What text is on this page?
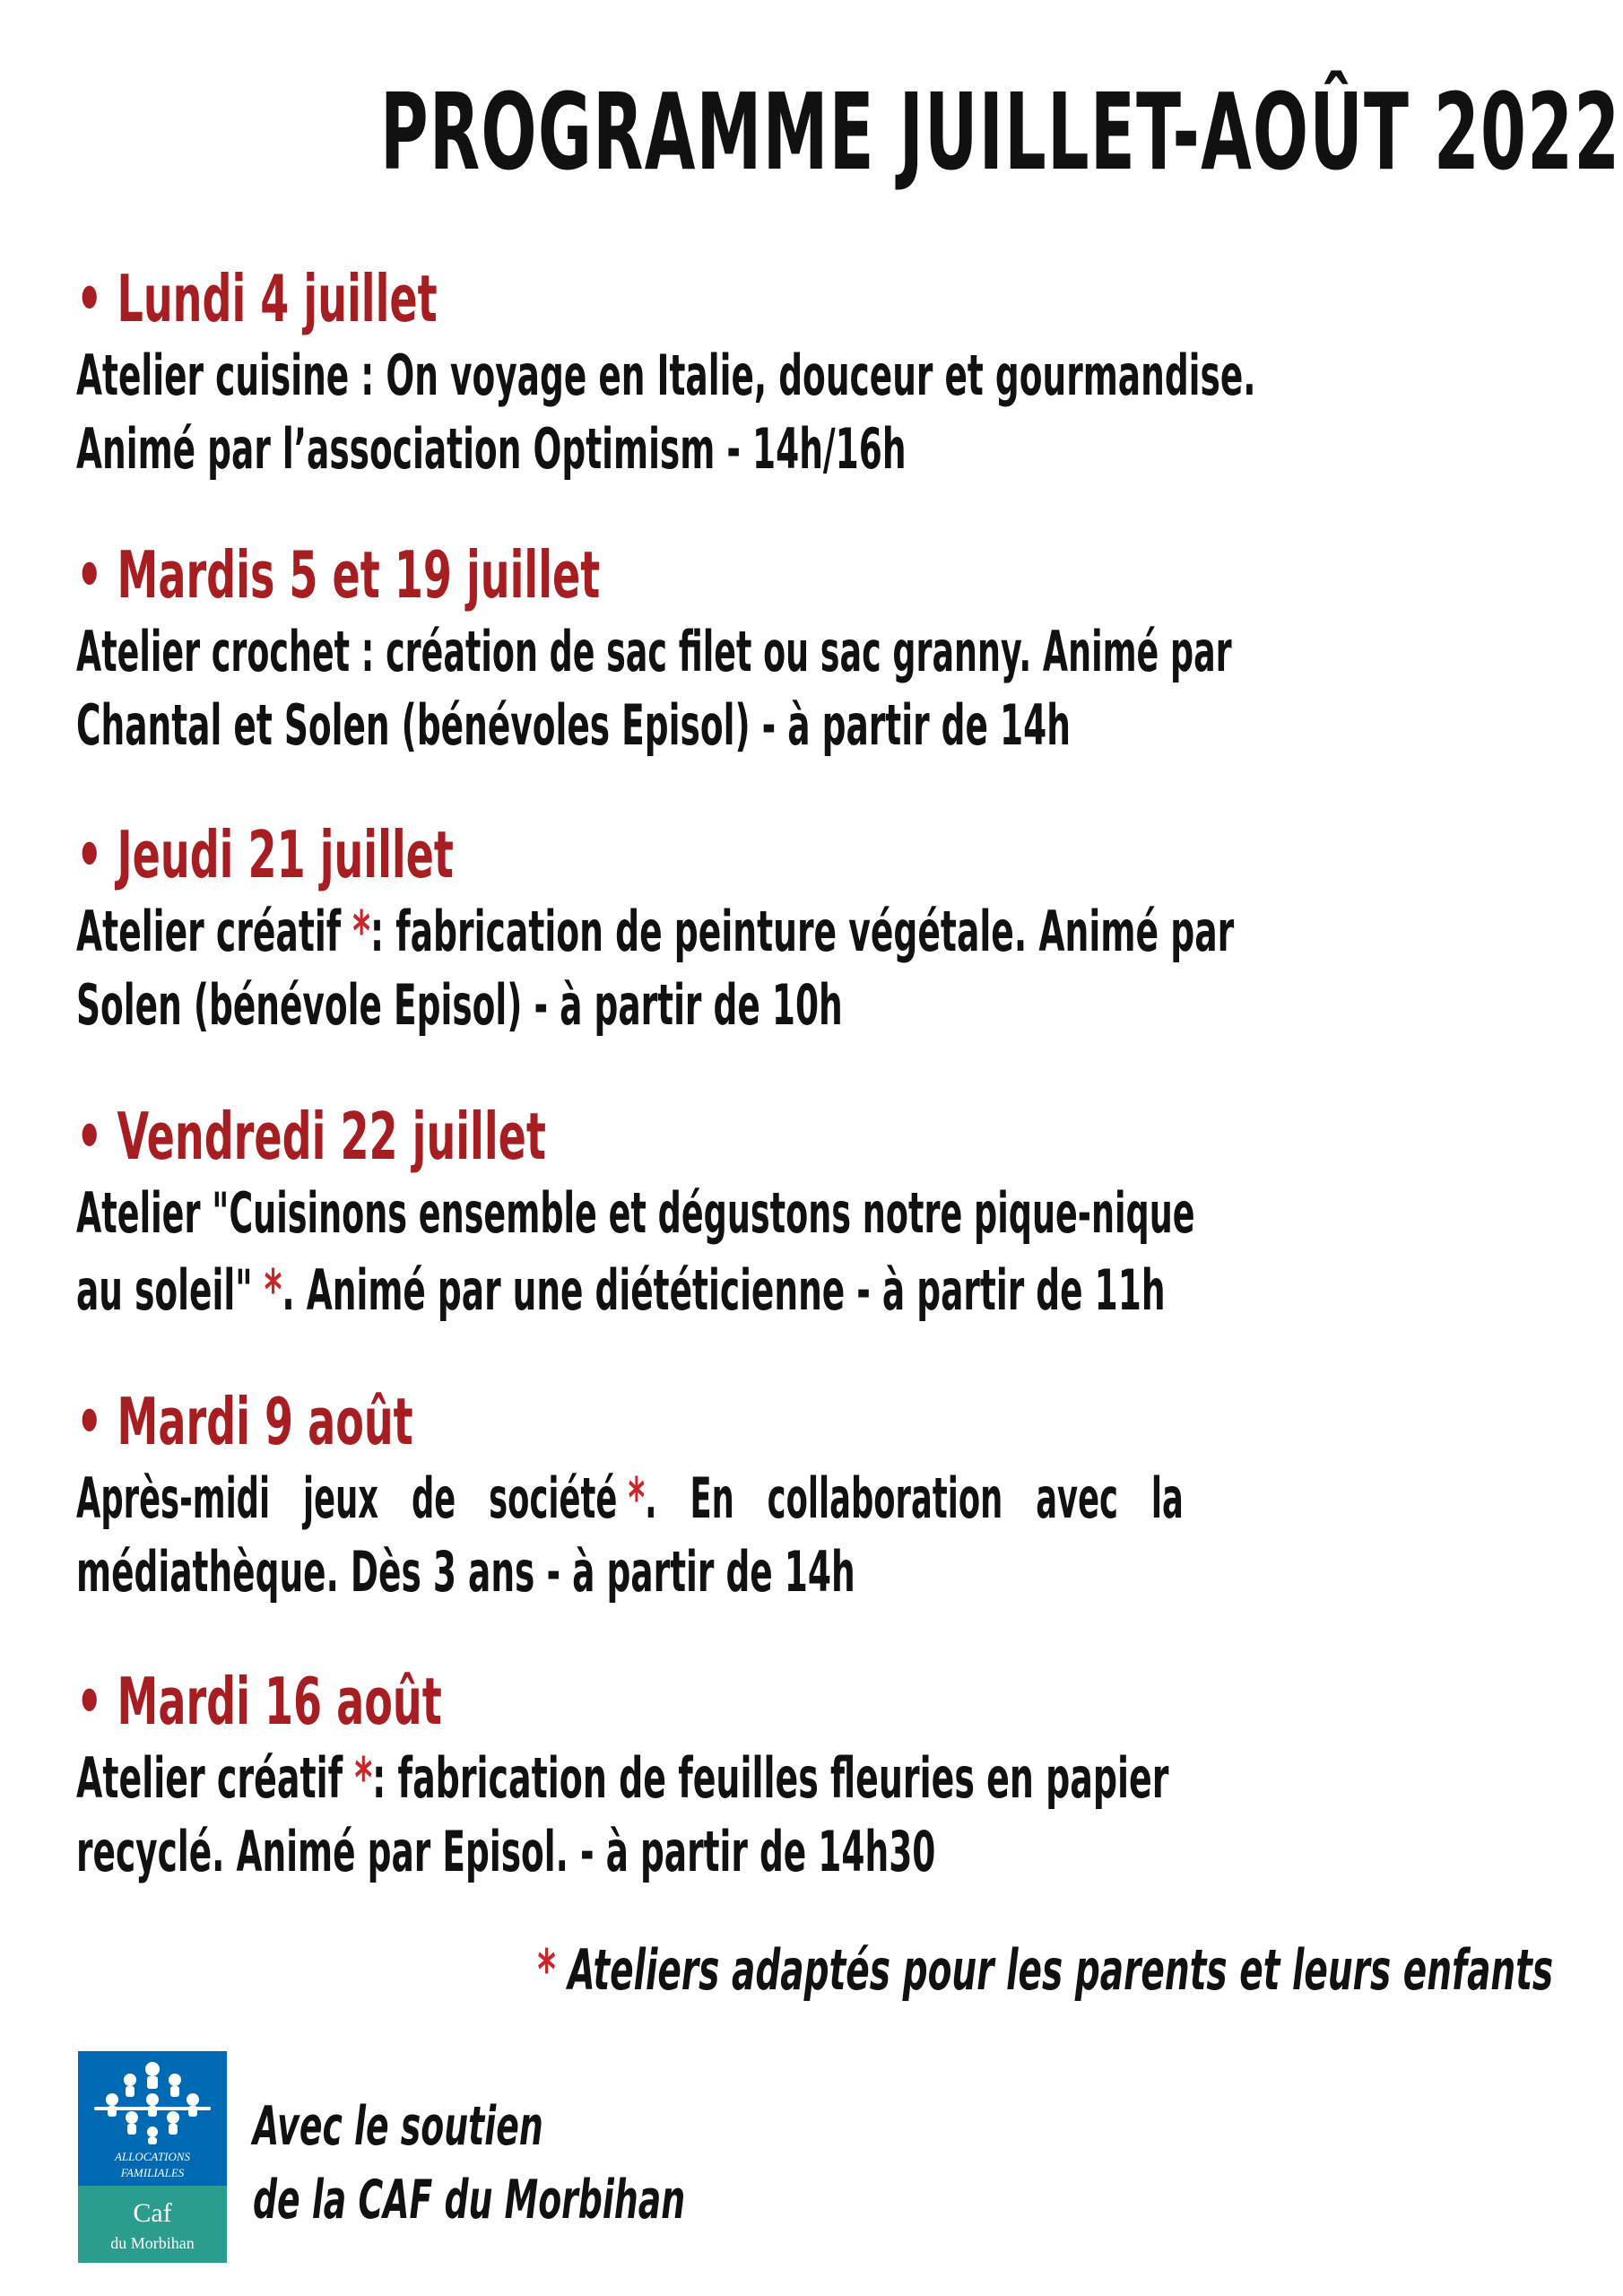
PROGRAMME JUILLET-AOÛT 2022
• Lundi 4 juillet
Atelier cuisine : On voyage en Italie, douceur et gourmandise.
Animé par l’association Optimism - 14h/16h
• Mardis 5 et 19 juillet
Atelier crochet : création de sac filet ou sac granny. Animé par
Chantal et Solen (bénévoles Episol) - à partir de 14h
• Jeudi 21 juillet
Atelier créatif *: fabrication de peinture végétale. Animé par
Solen (bénévole Episol) - à partir de 10h
• Vendredi 22 juillet
Atelier "Cuisinons ensemble et dégustons notre pique-nique
au soleil" *. Animé par une diététicienne - à partir de 11h
• Mardi 9 août
Après-midi   jeux   de   société *.   En   collaboration   avec   la
médiathèque. Dès 3 ans - à partir de 14h
• Mardi 16 août
Atelier créatif *: fabrication de feuilles fleuries en papier
recyclé. Animé par Episol. - à partir de 14h30
* Ateliers adaptés pour les parents et leurs enfants
ALLOCATIONS
FAMILIALES
Caf
du Morbihan
Avec le soutien
de la CAF du Morbihan
